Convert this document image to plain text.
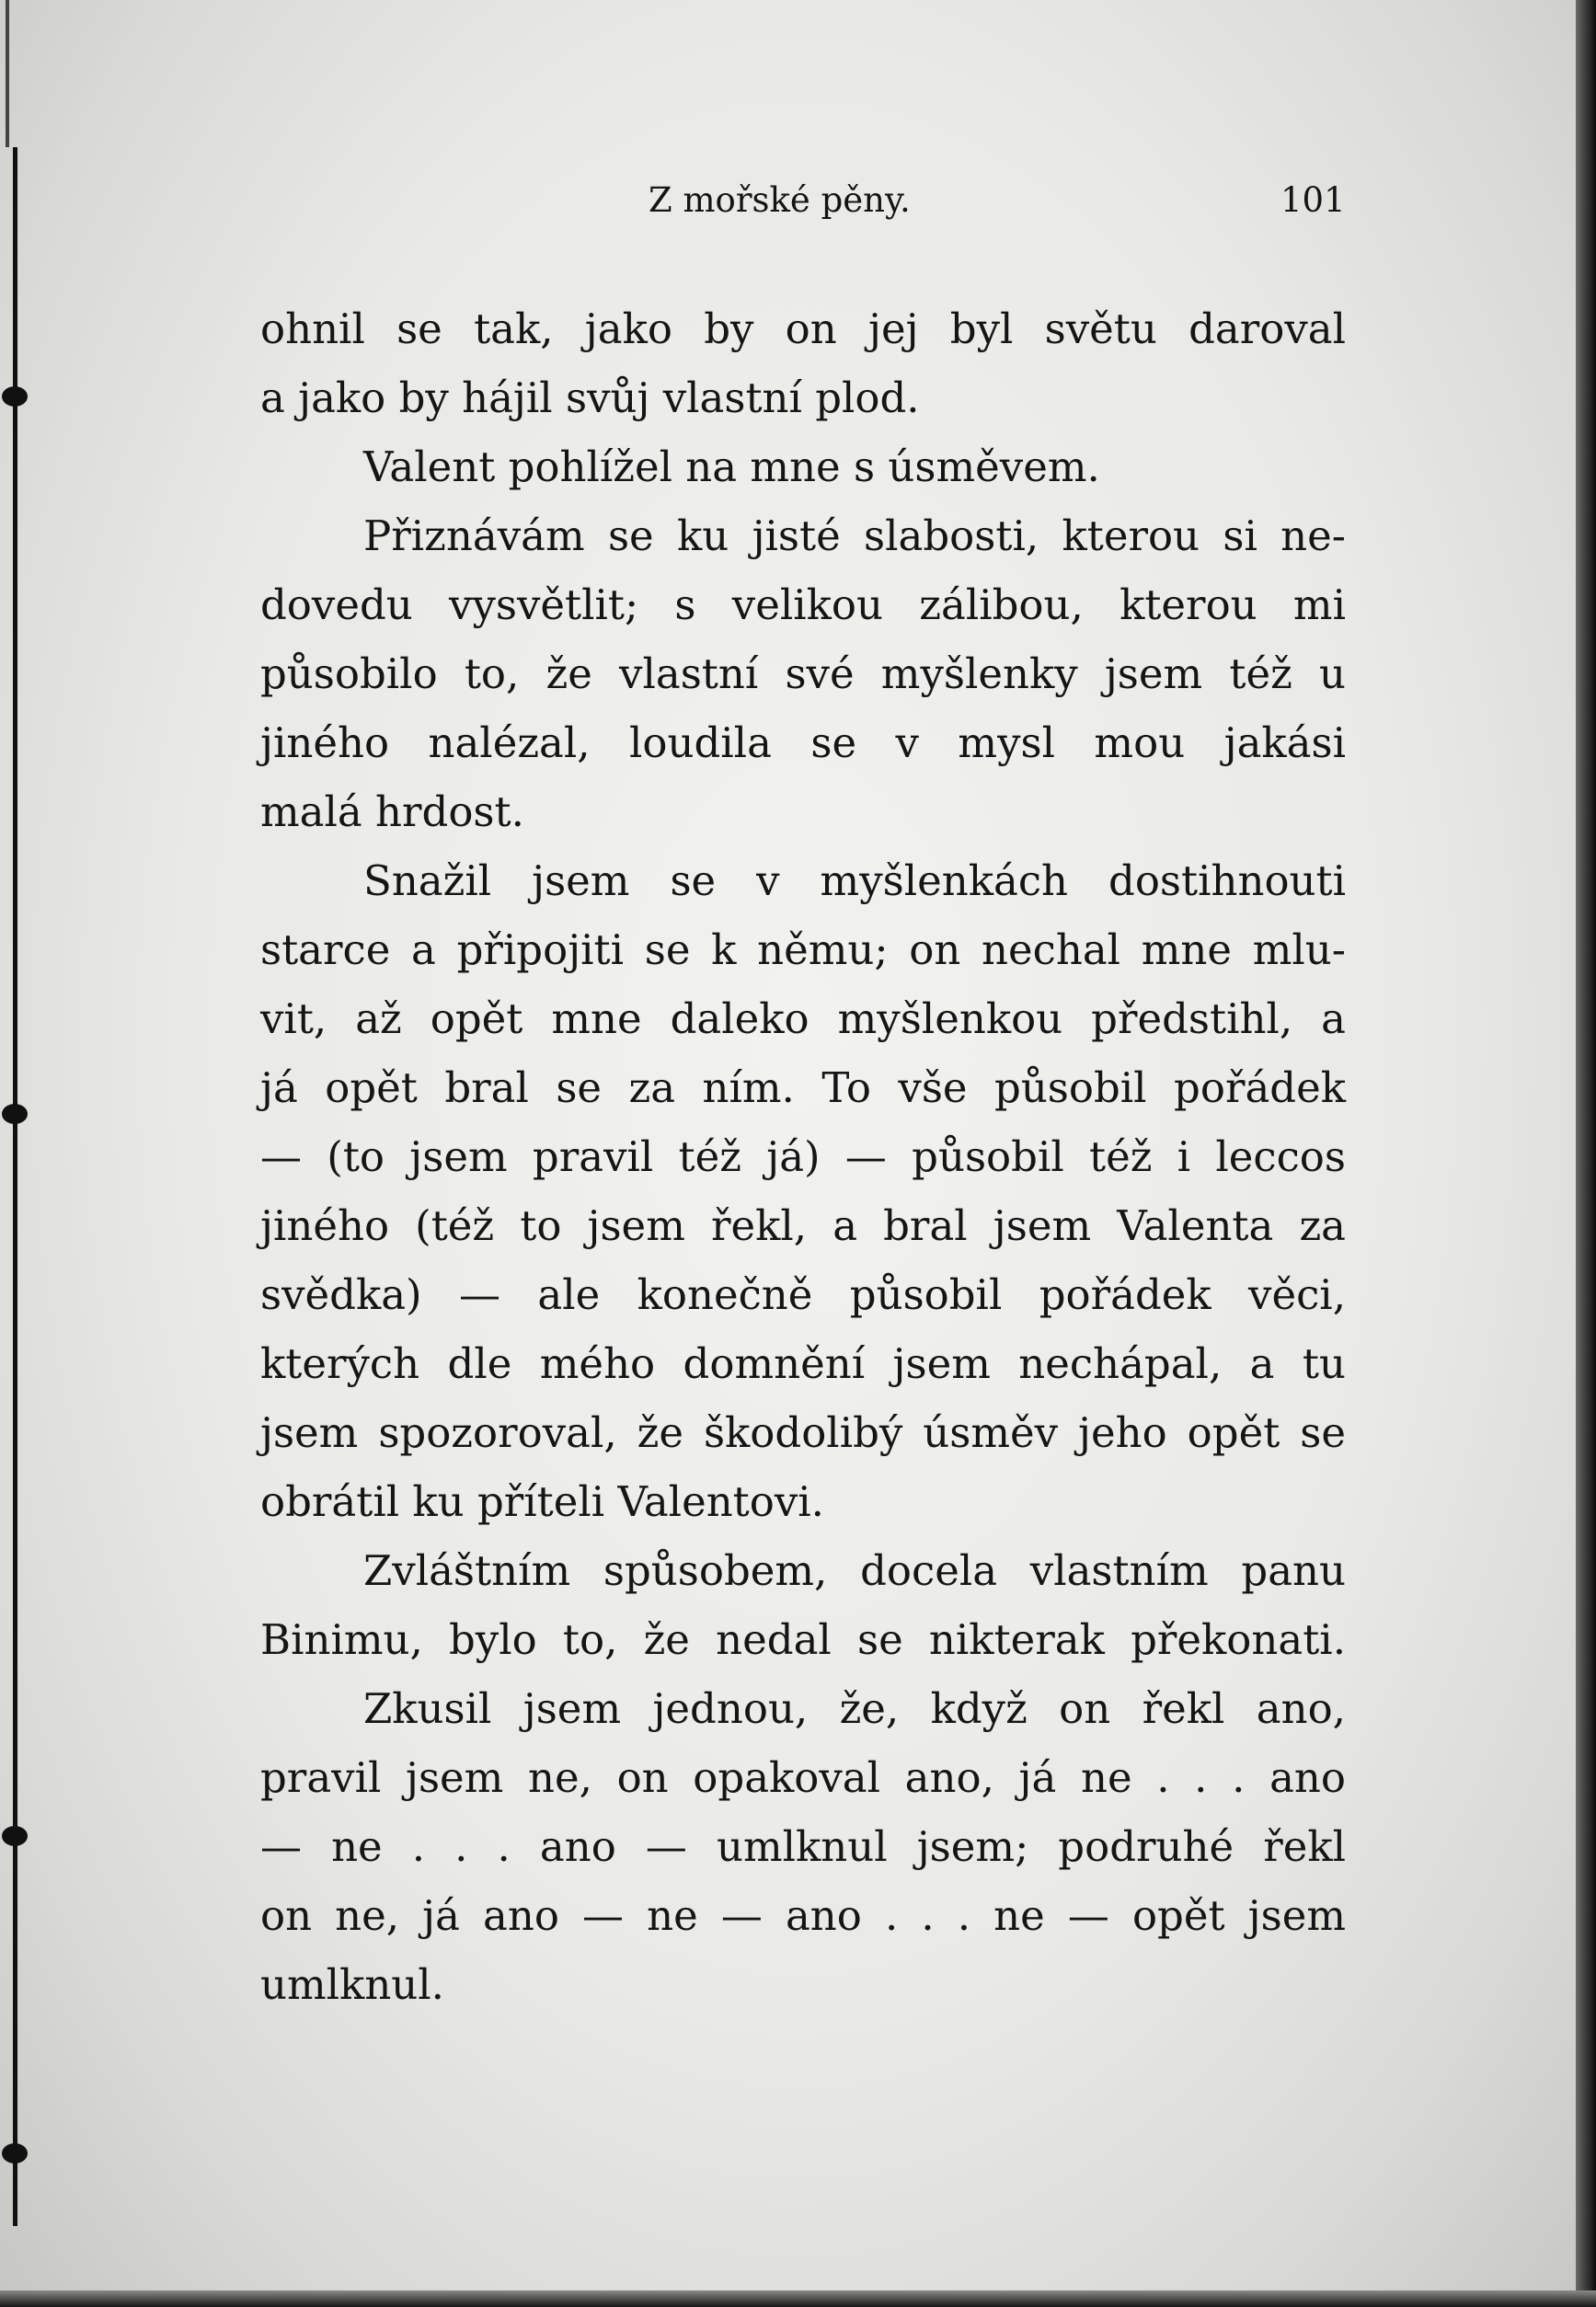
Z mořské pěny.	101
ohnil se tak, jako by on jej byl světu daroval
a jako by hájil svůj vlastní plod.
Valent pohlížel na mne s úsměvem.
Přiznávám se ku jisté slabosti, kterou si ne-
dovedu vysvětlit; s velikou zálibou, kterou mi
působilo to, že vlastní své myšlenky jsem též u
jiného nalézal, loudila se v mysl mou jakási
malá hrdost.
Snažil jsem se v myšlenkách dostihnouti
starce a připojiti se k němu; on nechal mne mlu-
vit, až opět mne daleko myšlenkou předstihl, a
já opět bral se za ním. To vše působil pořádek
— (to jsem pravil též já) — působil též i leccos
jiného (též to jsem řekl, a bral jsem Valenta za
svědka) — ale konečně působil pořádek věci,
kterých dle mého domnění jsem nechápal, a tu
jsem spozoroval, že škodolibý úsměv jeho opět se
obrátil ku příteli Valentovi.
Zvláštním spůsobem, docela vlastním panu
Binimu, bylo to, že nedal se nikterak překonati.
Zkusil jsem jednou, že, když on řekl ano,
pravil jsem ne, on opakoval ano, já ne . . . ano
— ne . . . ano — umlknul jsem; podruhé řekl
on ne, já ano — ne — ano . . . ne — opět jsem
umlknul.
